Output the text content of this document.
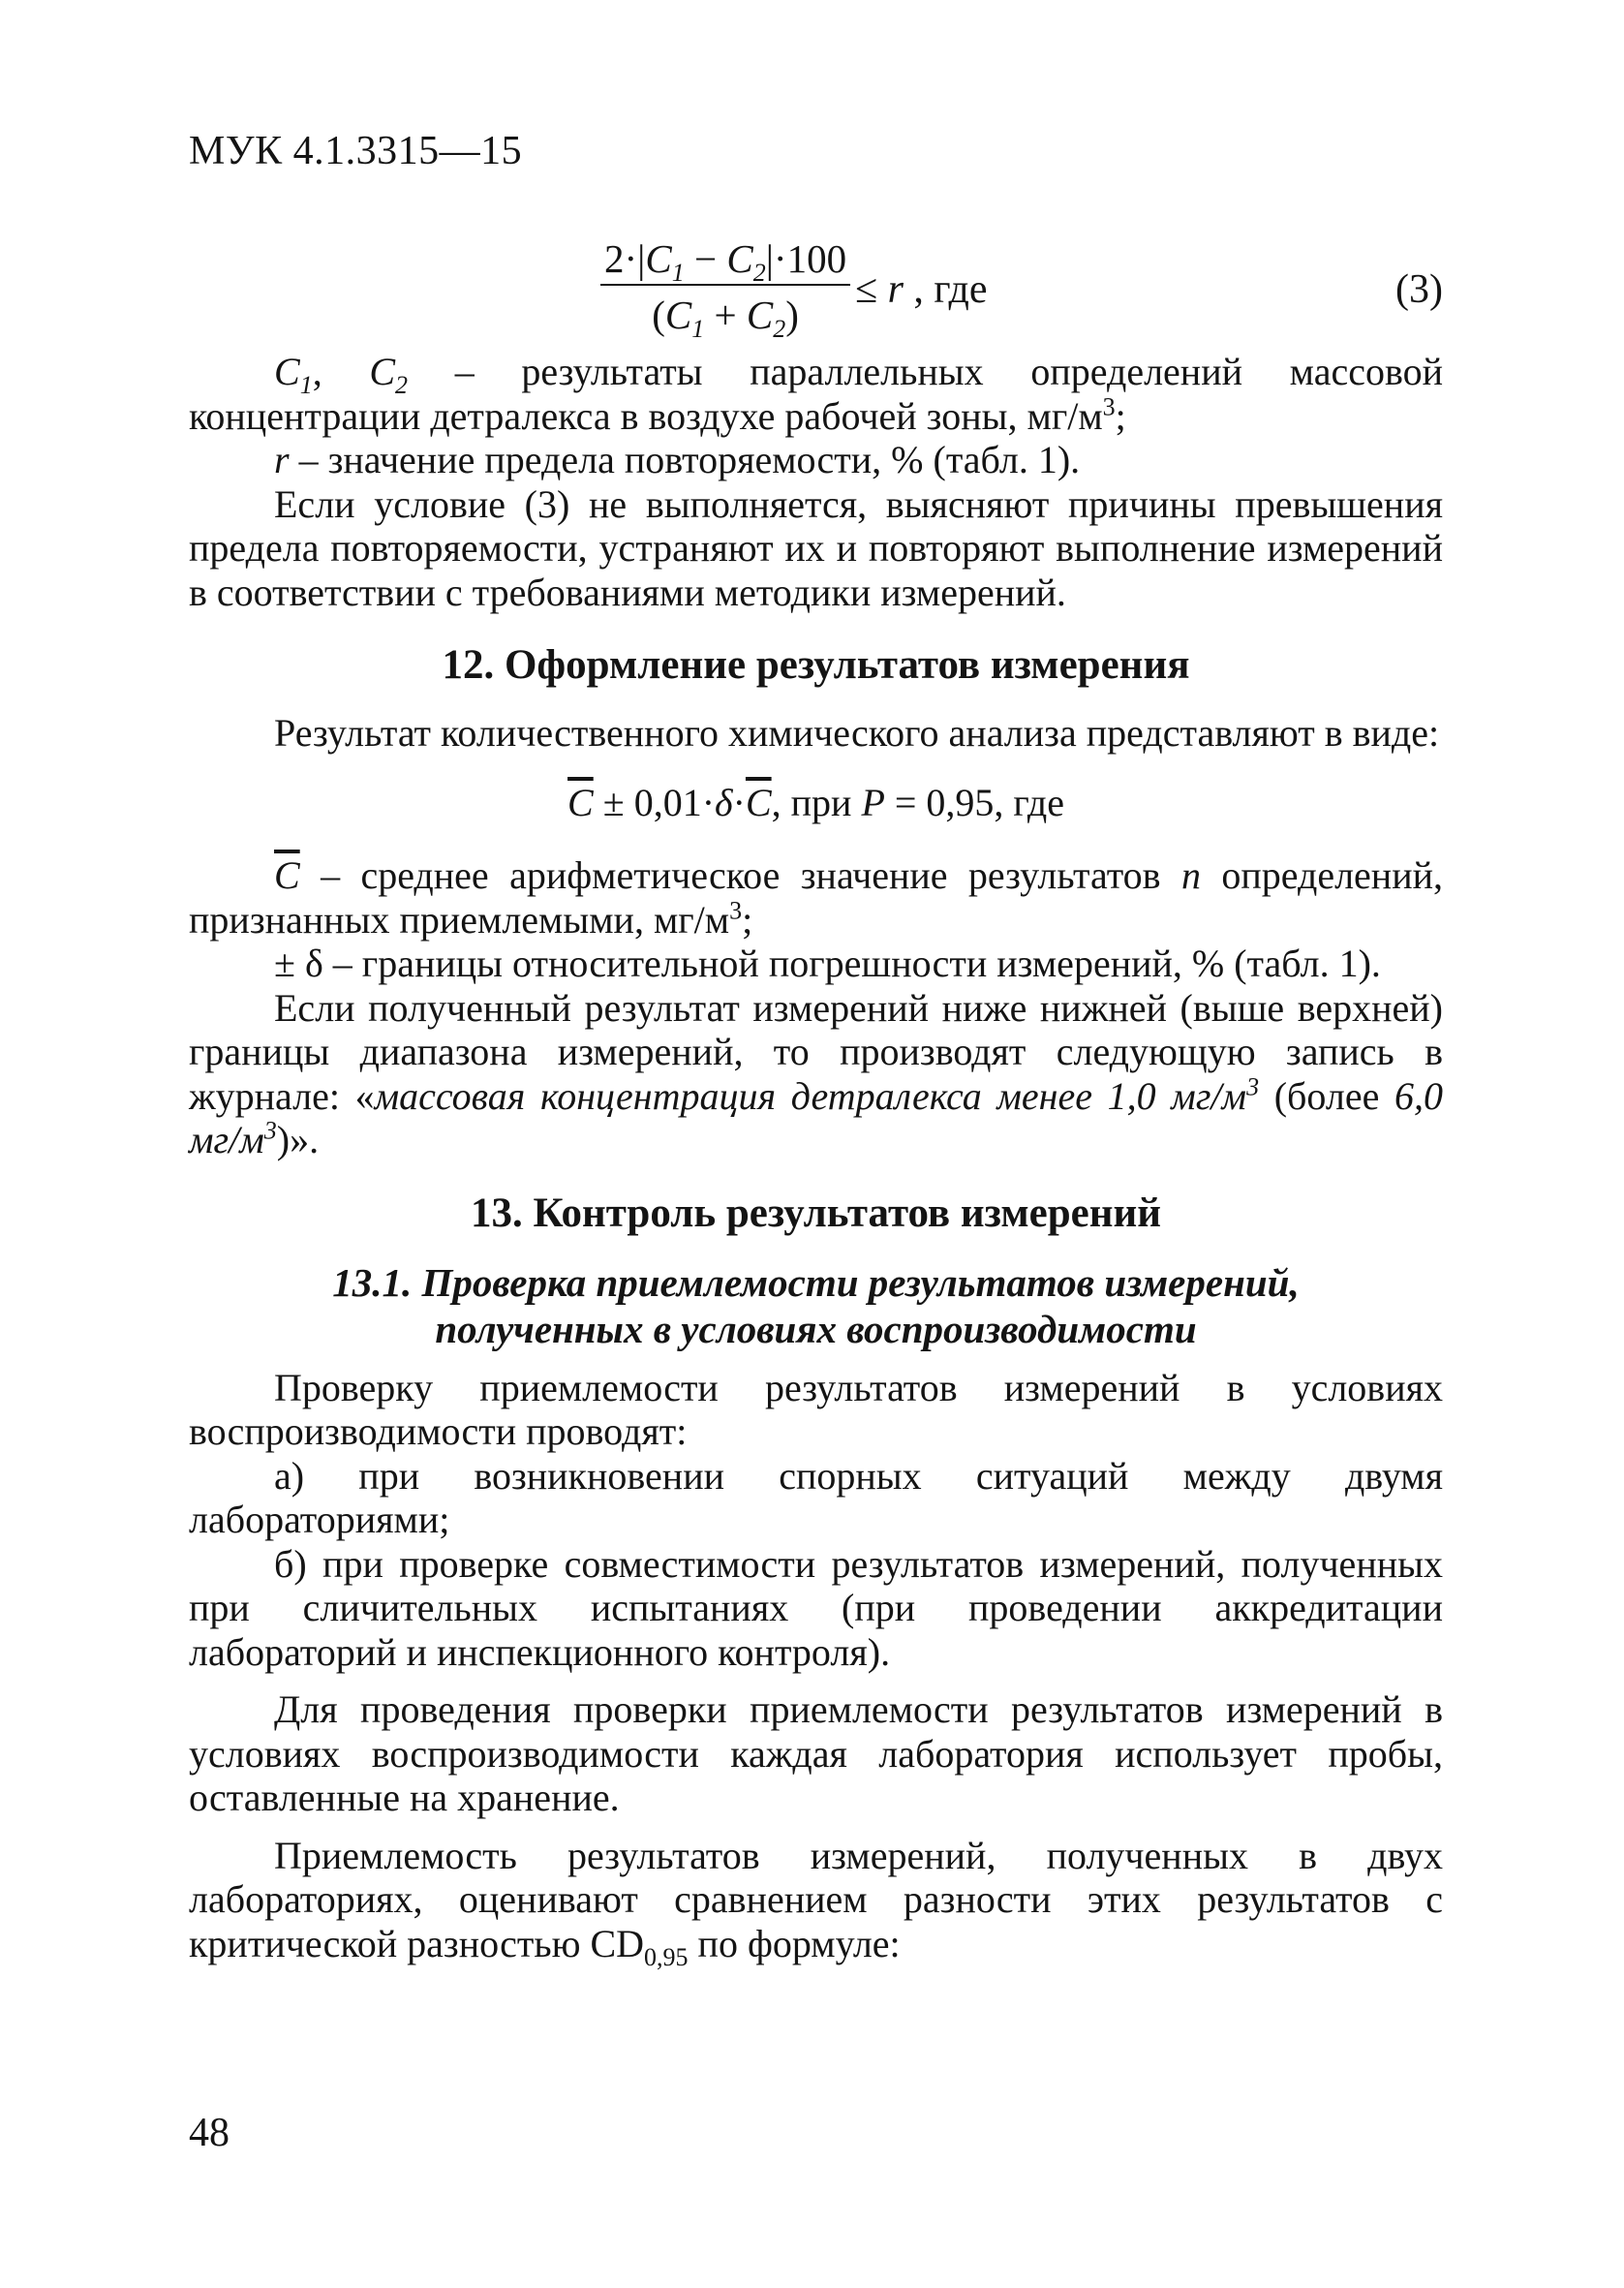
МУК 4.1.3315—15
$\frac{2\cdot|C_1 - C_2|\cdot 100}{(C_1 + C_2)} \le r$ , где	(3)

$C_1$, $C_2$ – результаты параллельных определений массовой концентрации детралекса в воздухе рабочей зоны, $мг/м^3$;

r – значение предела повторяемости, % (табл. 1).

Если условие (3) не выполняется, выясняют причины превышения предела повторяемости, устраняют их и повторяют выполнение измерений в соответствии с требованиями методики измерений.

12. Оформление результатов измерения

Результат количественного химического анализа представляют в виде:

$\overline{C} \pm 0,01\cdot\delta\cdot\overline{C}$, при P = 0,95, где

$\overline{C}$ – среднее арифметическое значение результатов n определений, признанных приемлемыми, $мг/м^3$;

± δ – границы относительной погрешности измерений, % (табл. 1).

Если полученный результат измерений ниже нижней (выше верхней) границы диапазона измерений, то производят следующую запись в журнале: «массовая концентрация детралекса менее 1,0 $мг/м^3$ (более 6,0 $мг/м^3$)».

13. Контроль результатов измерений

13.1. Проверка приемлемости результатов измерений,
полученных в условиях воспроизводимости

Проверку приемлемости результатов измерений в условиях воспроизводимости проводят:

а) при возникновении спорных ситуаций между двумя лабораториями;

б) при проверке совместимости результатов измерений, полученных при сличительных испытаниях (при проведении аккредитации лабораторий и инспекционного контроля).

Для проведения проверки приемлемости результатов измерений в условиях воспроизводимости каждая лаборатория использует пробы, оставленные на хранение.

Приемлемость результатов измерений, полученных в двух лабораториях, оценивают сравнением разности этих результатов с критической разностью $CD_{0,95}$ по формуле:

48
